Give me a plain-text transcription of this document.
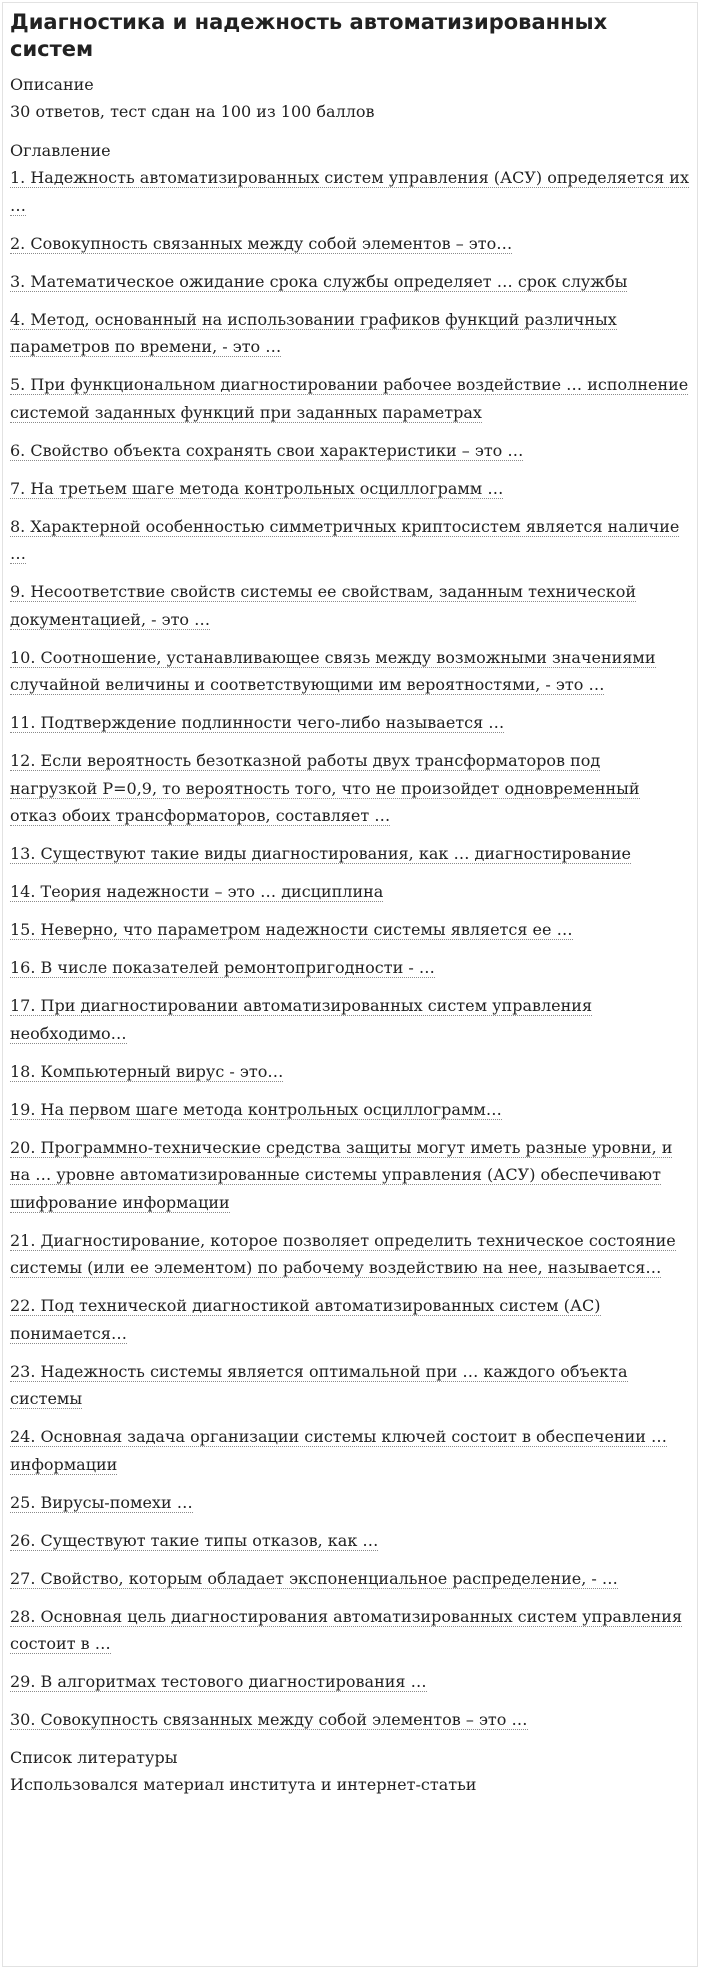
Диагностика и надежность автоматизированных систем
Описание
30 ответов, тест сдан на 100 из 100 баллов
Оглавление
1. Надежность автоматизированных систем управления (АСУ) определяется их …
2. Совокупность связанных между собой элементов – это…
3. Математическое ожидание срока службы определяет … срок службы
4. Метод, основанный на использовании графиков функций различных параметров по времени, - это …
5. При функциональном диагностировании рабочее воздействие … исполнение системой заданных функций при заданных параметрах
6. Свойство объекта сохранять свои характеристики – это …
7. На третьем шаге метода контрольных осциллограмм …
8. Характерной особенностью симметричных криптосистем является наличие …
9. Несоответствие свойств системы ее свойствам, заданным технической документацией, - это …
10. Соотношение, устанавливающее связь между возможными значениями случайной величины и соответствующими им вероятностями, - это …
11. Подтверждение подлинности чего-либо называется …
12. Если вероятность безотказной работы двух трансформаторов под нагрузкой P=0,9, то вероятность того, что не произойдет одновременный отказ обоих трансформаторов, составляет …
13. Существуют такие виды диагностирования, как … диагностирование
14. Теория надежности – это … дисциплина
15. Неверно, что параметром надежности системы является ее …
16. В числе показателей ремонтопригодности - …
17. При диагностировании автоматизированных систем управления необходимо…
18. Компьютерный вирус - это…
19. На первом шаге метода контрольных осциллограмм…
20. Программно-технические средства защиты могут иметь разные уровни, и на … уровне автоматизированные системы управления (АСУ) обеспечивают шифрование информации
21. Диагностирование, которое позволяет определить техническое состояние системы (или ее элементом) по рабочему воздействию на нее, называется…
22. Под технической диагностикой автоматизированных систем (АС) понимается…
23. Надежность системы является оптимальной при … каждого объекта системы
24. Основная задача организации системы ключей состоит в обеспечении … информации
25. Вирусы-помехи …
26. Существуют такие типы отказов, как …
27. Свойство, которым обладает экспоненциальное распределение, - …
28. Основная цель диагностирования автоматизированных систем управления состоит в …
29. В алгоритмах тестового диагностирования …
30. Совокупность связанных между собой элементов – это …
Список литературы
Использовался материал института и интернет-статьи
